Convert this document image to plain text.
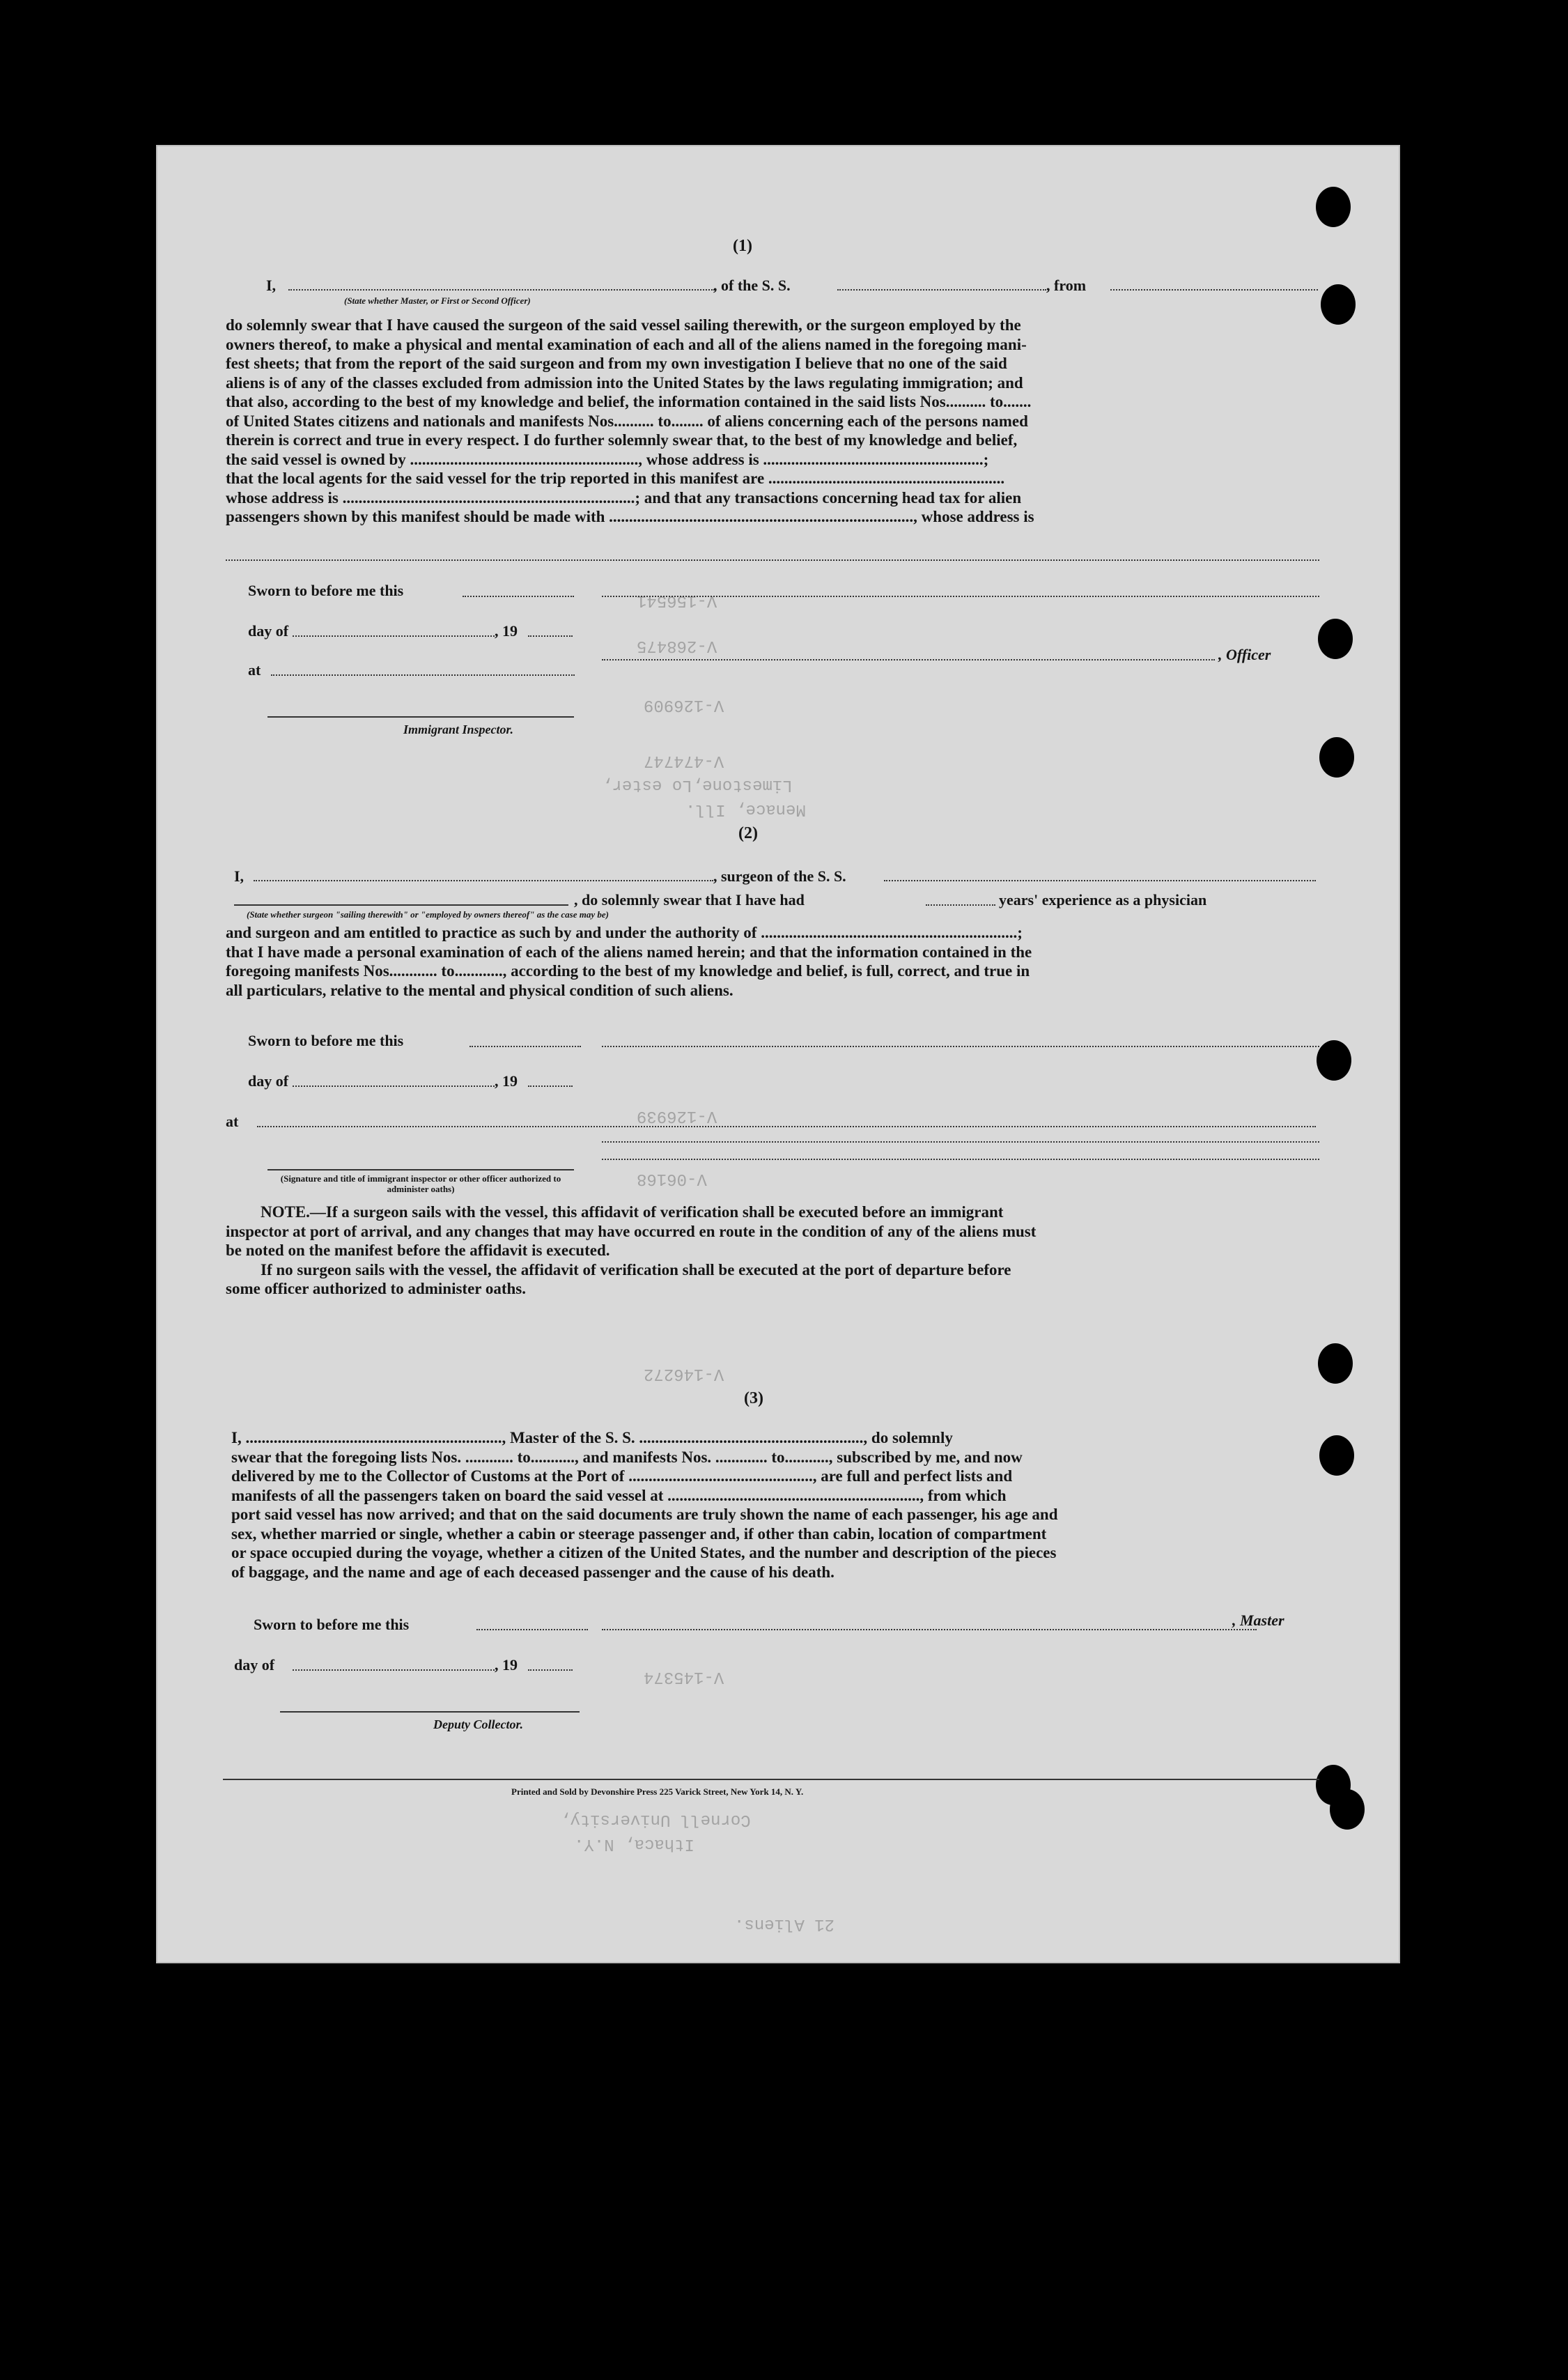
Limestone,Lo ester,
Menace, Ill.
Cornell University,
Ithaca, N.Y.
21 Aliens.
V-156541
V-268475
V-126909
V-474747
V-126939
V-06168
V-146272
V-145374
(1)
I,	, of the S. S.	, from
(State whether Master, or First or Second Officer)
do solemnly swear that I have caused the surgeon of the said vessel sailing therewith, or the surgeon employed by the
owners thereof, to make a physical and mental examination of each and all of the aliens named in the foregoing mani-
fest sheets; that from the report of the said surgeon and from my own investigation I believe that no one of the said
aliens is of any of the classes excluded from admission into the United States by the laws regulating immigration; and
that also, according to the best of my knowledge and belief, the information contained in the said lists Nos.......... to.......
of United States citizens and nationals and manifests Nos.......... to........ of aliens concerning each of the persons named
therein is correct and true in every respect. I do further solemnly swear that, to the best of my knowledge and belief,
the said vessel is owned by ........................................................., whose address is .......................................................;
that the local agents for the said vessel for the trip reported in this manifest are ...........................................................
whose address is .........................................................................; and that any transactions concerning head tax for alien
passengers shown by this manifest should be made with ............................................................................, whose address is
Sworn to before me this
day of	, 19
, Officer
at
Immigrant Inspector.
(2)
I,	, surgeon of the S. S.
, do solemnly swear that I have had	years' experience as a physician
(State whether surgeon "sailing therewith" or "employed by owners thereof" as the case may be)
and surgeon and am entitled to practice as such by and under the authority of ................................................................;
that I have made a personal examination of each of the aliens named herein; and that the information contained in the
foregoing manifests Nos............ to............, according to the best of my knowledge and belief, is full, correct, and true in
all particulars, relative to the mental and physical condition of such aliens.
Sworn to before me this
day of	, 19
at
(Signature and title of immigrant inspector or other officer authorized to administer oaths)
NOTE.—If a surgeon sails with the vessel, this affidavit of verification shall be executed before an immigrant
inspector at port of arrival, and any changes that may have occurred en route in the condition of any of the aliens must
be noted on the manifest before the affidavit is executed.
If no surgeon sails with the vessel, the affidavit of verification shall be executed at the port of departure before
some officer authorized to administer oaths.
(3)
I, ................................................................, Master of the S. S. ........................................................, do solemnly
swear that the foregoing lists Nos. ............ to..........., and manifests Nos. ............. to..........., subscribed by me, and now
delivered by me to the Collector of Customs at the Port of .............................................., are full and perfect lists and
manifests of all the passengers taken on board the said vessel at ..............................................................., from which
port said vessel has now arrived; and that on the said documents are truly shown the name of each passenger, his age and
sex, whether married or single, whether a cabin or steerage passenger and, if other than cabin, location of compartment
or space occupied during the voyage, whether a citizen of the United States, and the number and description of the pieces
of baggage, and the name and age of each deceased passenger and the cause of his death.
Sworn to before me this	, Master
day of	, 19
Deputy Collector.
Printed and Sold by Devonshire Press 225 Varick Street, New York 14, N. Y.
